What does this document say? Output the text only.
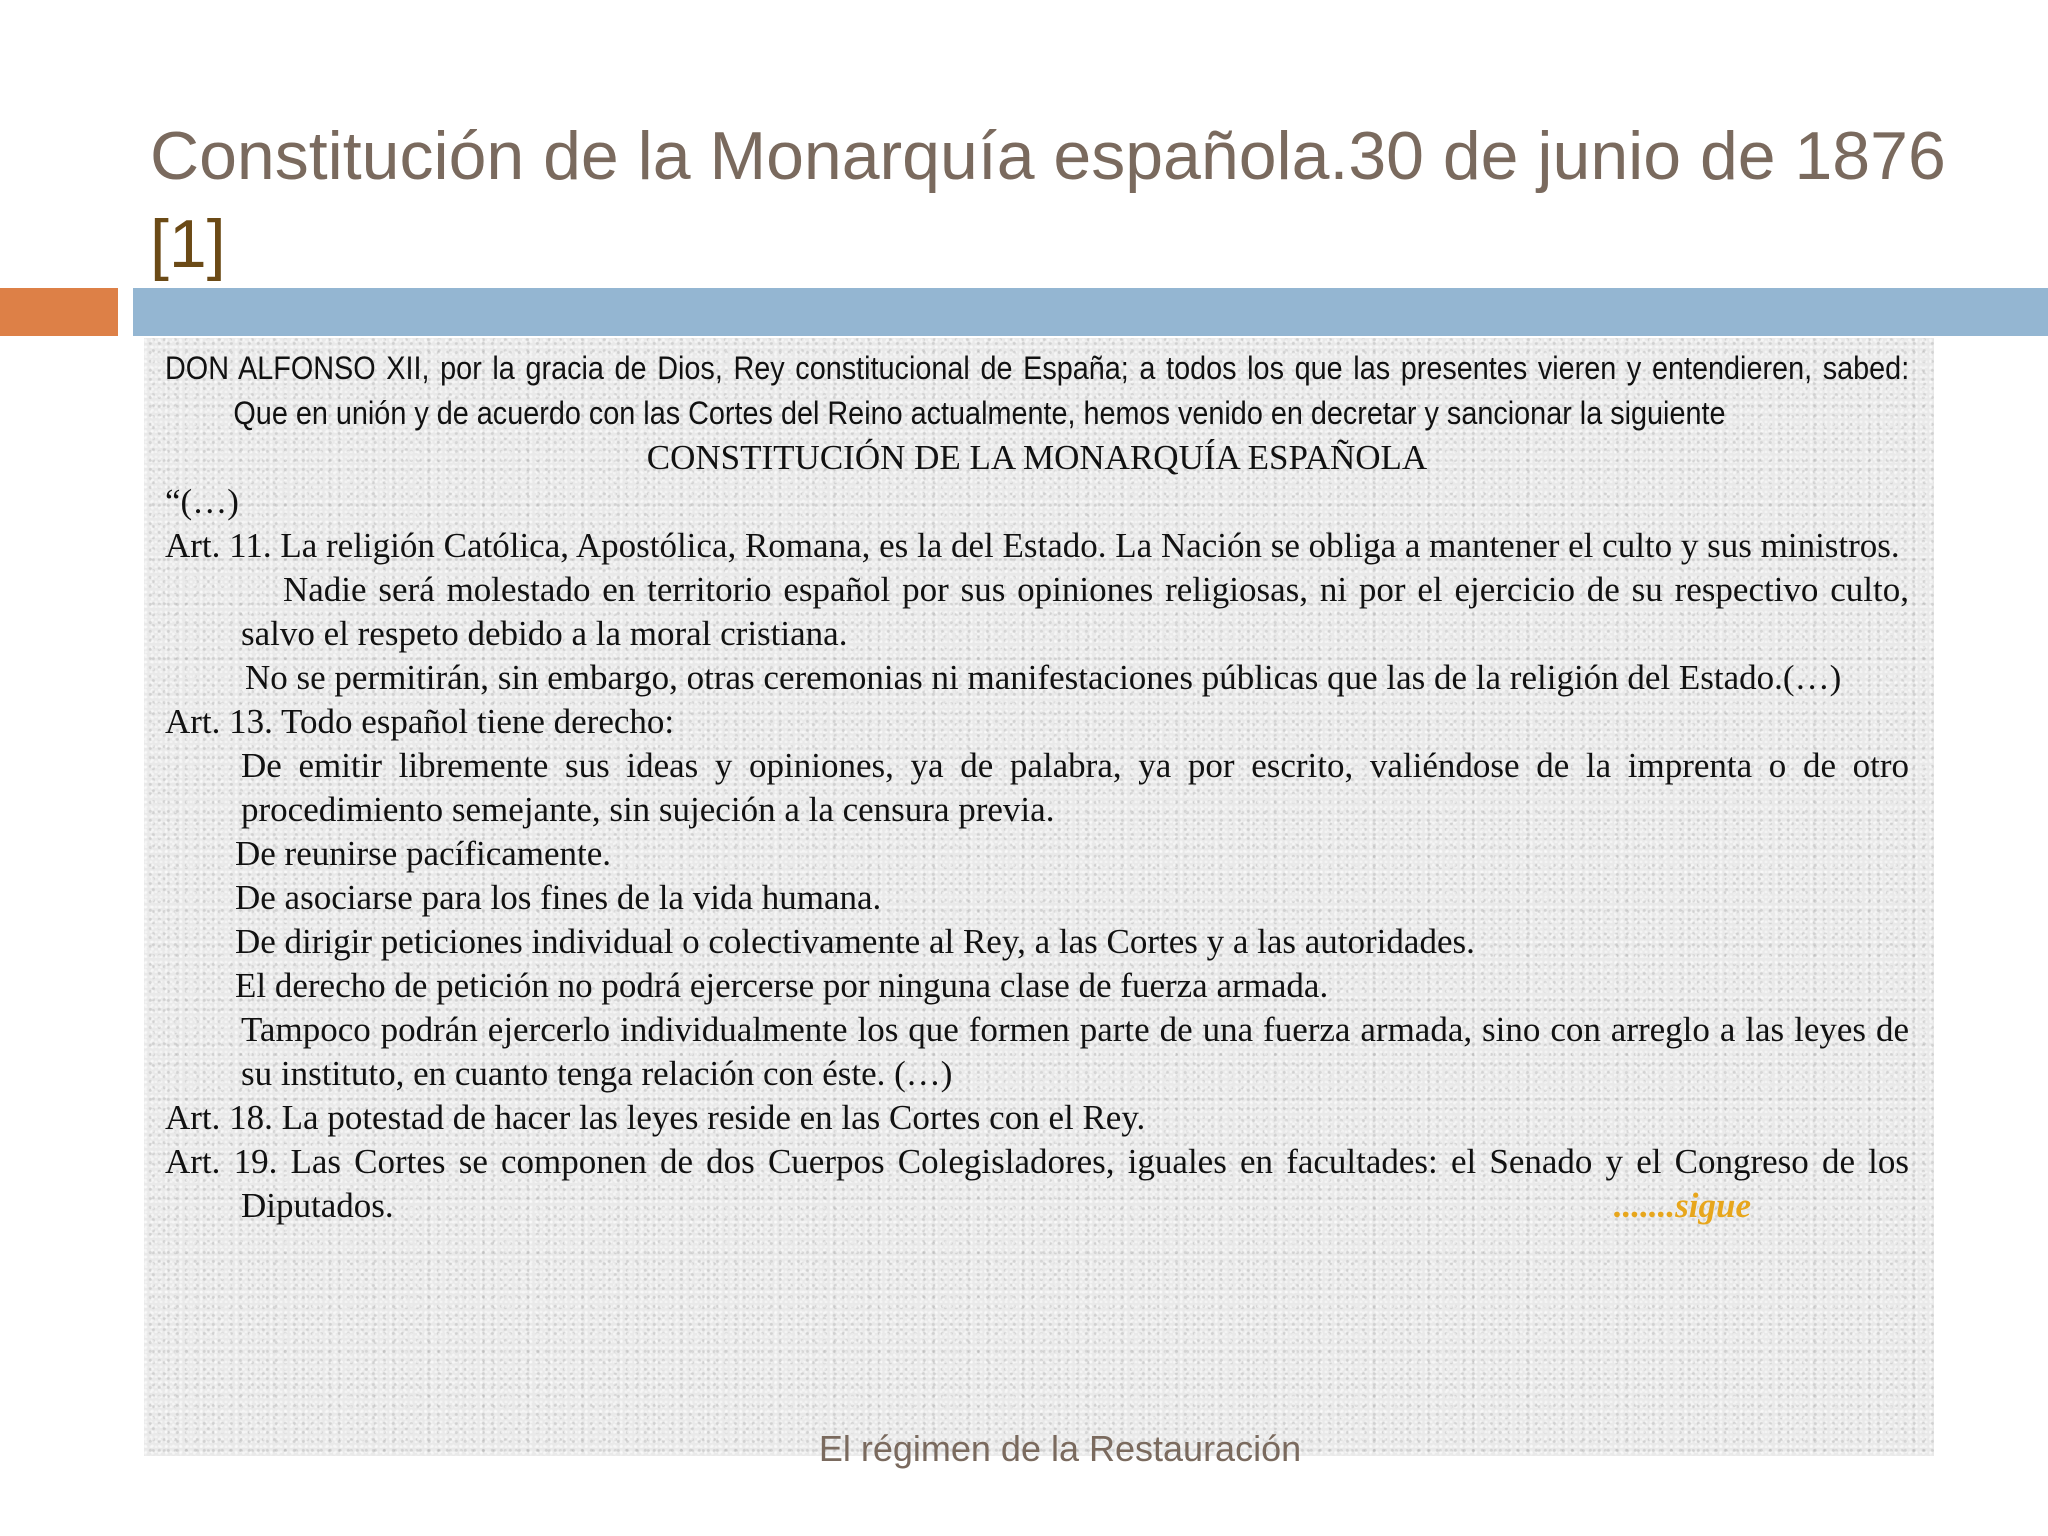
Constitución de la Monarquía española.30 de junio de 1876 [1]

DON ALFONSO XII, por la gracia de Dios, Rey constitucional de España; a todos los que las presentes vieren y entendieren, sabed: Que en unión y de acuerdo con las Cortes del Reino actualmente, hemos venido en decretar y sancionar la siguiente

CONSTITUCIÓN DE LA MONARQUÍA ESPAÑOLA

“(…)

Art. 11. La religión Católica, Apostólica, Romana, es la del Estado. La Nación se obliga a mantener el culto y sus ministros.

Nadie será molestado en territorio español por sus opiniones religiosas, ni por el ejercicio de su respectivo culto, salvo el respeto debido a la moral cristiana.

No se permitirán, sin embargo, otras ceremonias ni manifestaciones públicas que las de la religión del Estado.(…)

Art. 13. Todo español tiene derecho:

De emitir libremente sus ideas y opiniones, ya de palabra, ya por escrito, valiéndose de la imprenta o de otro procedimiento semejante, sin sujeción a la censura previa.

De reunirse pacíficamente.

De asociarse para los fines de la vida humana.

De dirigir peticiones individual o colectivamente al Rey, a las Cortes y a las autoridades.

El derecho de petición no podrá ejercerse por ninguna clase de fuerza armada.

Tampoco podrán ejercerlo individualmente los que formen parte de una fuerza armada, sino con arreglo a las leyes de su instituto, en cuanto tenga relación con éste. (…)

Art. 18. La potestad de hacer las leyes reside en las Cortes con el Rey.

Art. 19. Las Cortes se componen de dos Cuerpos Colegisladores, iguales en facultades: el Senado y el Congreso de los Diputados.	.......sigue

El régimen de la Restauración
